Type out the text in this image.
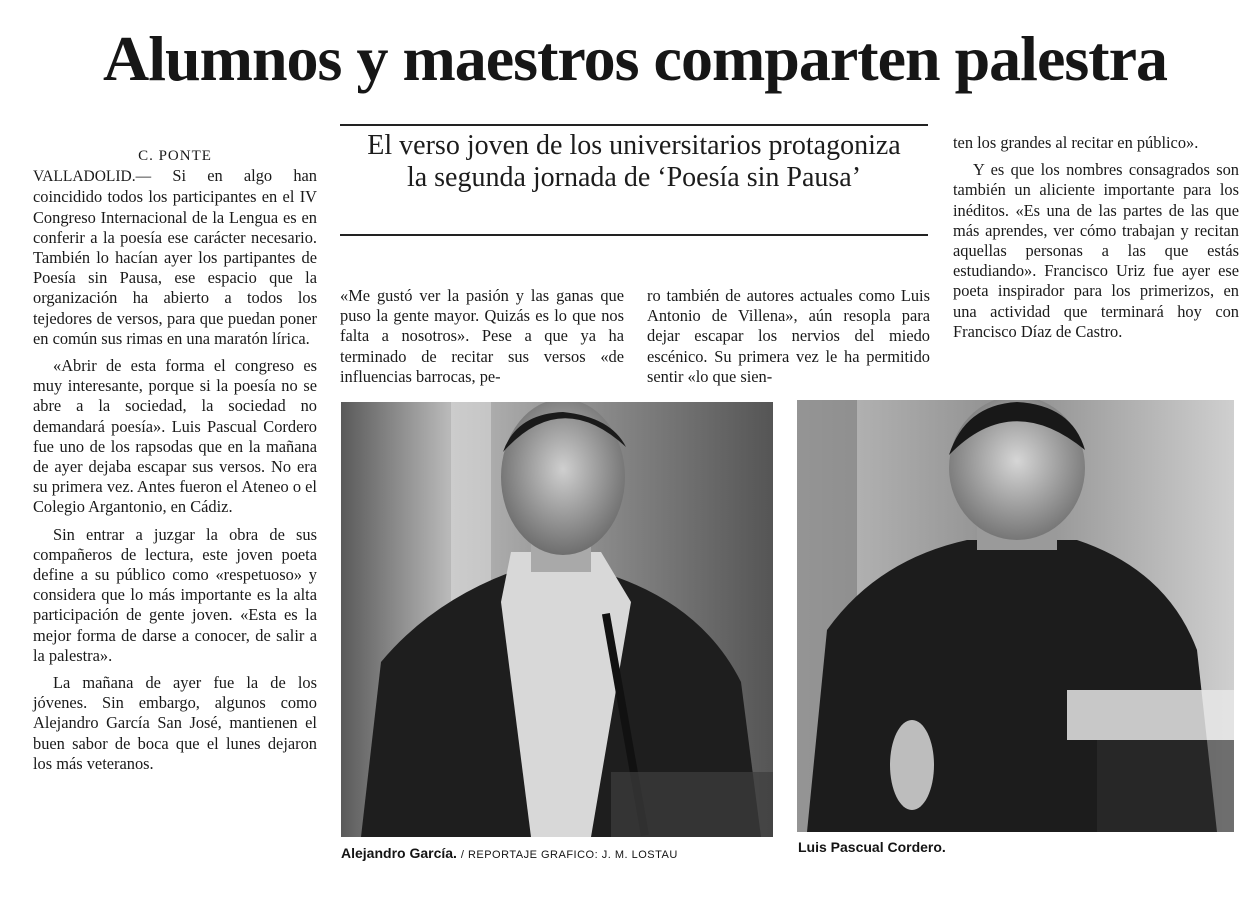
Alumnos y maestros comparten palestra
C. PONTE

VALLADOLID.— Si en algo han coincidido todos los participantes en el IV Congreso Internacional de la Lengua es en conferir a la poesía ese carácter necesario. También lo hacían ayer los partipantes de Poesía sin Pausa, ese espacio que la organización ha abierto a todos los tejedores de versos, para que puedan poner en común sus rimas en una maratón lírica.

«Abrir de esta forma el congreso es muy interesante, porque si la poesía no se abre a la sociedad, la sociedad no demandará poesía». Luis Pascual Cordero fue uno de los rapsodas que en la mañana de ayer dejaba escapar sus versos. No era su primera vez. Antes fueron el Ateneo o el Colegio Argantonio, en Cádiz.

Sin entrar a juzgar la obra de sus compañeros de lectura, este joven poeta define a su público como «respetuoso» y considera que lo más importante es la alta participación de gente joven. «Esta es la mejor forma de darse a conocer, de salir a la palestra».

La mañana de ayer fue la de los jóvenes. Sin embargo, algunos como Alejandro García San José, mantienen el buen sabor de boca que el lunes dejaron los más veteranos.

El verso joven de los universitarios protagoniza la segunda jornada de ‘Poesía sin Pausa’

«Me gustó ver la pasión y las ganas que puso la gente mayor. Quizás es lo que nos falta a nosotros». Pese a que ya ha terminado de recitar sus versos «de influencias barrocas, pe-

ro también de autores actuales como Luis Antonio de Villena», aún resopla para dejar escapar los nervios del miedo escénico. Su primera vez le ha permitido sentir «lo que sien-

ten los grandes al recitar en público».

Y es que los nombres consagrados son también un aliciente importante para los inéditos. «Es una de las partes de las que más aprendes, ver cómo trabajan y recitan aquellas personas a las que estás estudiando». Francisco Uriz fue ayer ese poeta inspirador para los primerizos, en una actividad que terminará hoy con Francisco Díaz de Castro.

Alejandro García. / REPORTAJE GRAFICO: J. M. LOSTAU	Luis Pascual Cordero.
